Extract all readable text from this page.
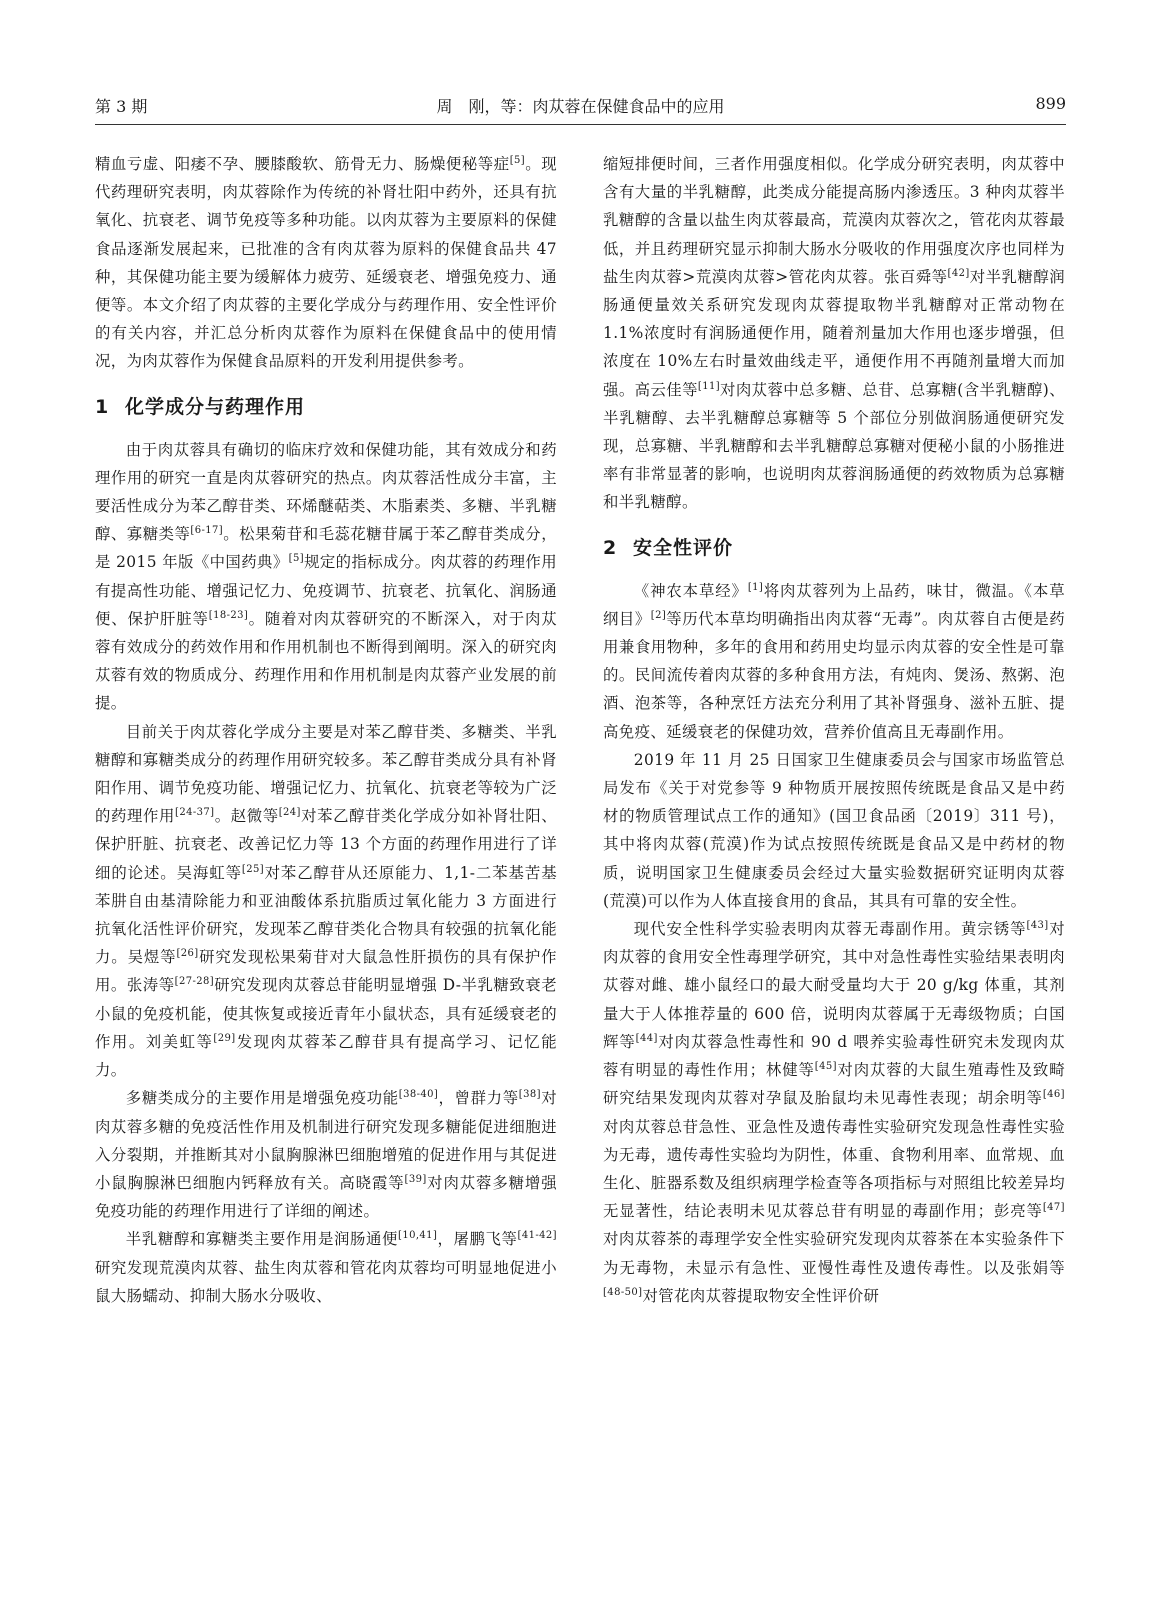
第 3 期	周　刚，等：肉苁蓉在保健食品中的应用	899

精血亏虚、阳痿不孕、腰膝酸软、筋骨无力、肠燥便秘等症[5]。现代药理研究表明，肉苁蓉除作为传统的补肾壮阳中药外，还具有抗氧化、抗衰老、调节免疫等多种功能。以肉苁蓉为主要原料的保健食品逐渐发展起来，已批准的含有肉苁蓉为原料的保健食品共 47 种，其保健功能主要为缓解体力疲劳、延缓衰老、增强免疫力、通便等。本文介绍了肉苁蓉的主要化学成分与药理作用、安全性评价的有关内容，并汇总分析肉苁蓉作为原料在保健食品中的使用情况，为肉苁蓉作为保健食品原料的开发利用提供参考。

1 化学成分与药理作用

由于肉苁蓉具有确切的临床疗效和保健功能，其有效成分和药理作用的研究一直是肉苁蓉研究的热点。肉苁蓉活性成分丰富，主要活性成分为苯乙醇苷类、环烯醚萜类、木脂素类、多糖、半乳糖醇、寡糖类等[6-17]。松果菊苷和毛蕊花糖苷属于苯乙醇苷类成分，是 2015 年版《中国药典》[5]规定的指标成分。肉苁蓉的药理作用有提高性功能、增强记忆力、免疫调节、抗衰老、抗氧化、润肠通便、保护肝脏等[18-23]。随着对肉苁蓉研究的不断深入，对于肉苁蓉有效成分的药效作用和作用机制也不断得到阐明。深入的研究肉苁蓉有效的物质成分、药理作用和作用机制是肉苁蓉产业发展的前提。

目前关于肉苁蓉化学成分主要是对苯乙醇苷类、多糖类、半乳糖醇和寡糖类成分的药理作用研究较多。苯乙醇苷类成分具有补肾阳作用、调节免疫功能、增强记忆力、抗氧化、抗衰老等较为广泛的药理作用[24-37]。赵微等[24]对苯乙醇苷类化学成分如补肾壮阳、保护肝脏、抗衰老、改善记忆力等 13 个方面的药理作用进行了详细的论述。吴海虹等[25]对苯乙醇苷从还原能力、1,1-二苯基苦基苯肼自由基清除能力和亚油酸体系抗脂质过氧化能力 3 方面进行抗氧化活性评价研究，发现苯乙醇苷类化合物具有较强的抗氧化能力。吴煜等[26]研究发现松果菊苷对大鼠急性肝损伤的具有保护作用。张涛等[27-28]研究发现肉苁蓉总苷能明显增强 D-半乳糖致衰老小鼠的免疫机能，使其恢复或接近青年小鼠状态，具有延缓衰老的作用。刘美虹等[29]发现肉苁蓉苯乙醇苷具有提高学习、记忆能力。

多糖类成分的主要作用是增强免疫功能[38-40]，曾群力等[38]对肉苁蓉多糖的免疫活性作用及机制进行研究发现多糖能促进细胞进入分裂期，并推断其对小鼠胸腺淋巴细胞增殖的促进作用与其促进小鼠胸腺淋巴细胞内钙释放有关。高晓霞等[39]对肉苁蓉多糖增强免疫功能的药理作用进行了详细的阐述。

半乳糖醇和寡糖类主要作用是润肠通便[10,41]，屠鹏飞等[41-42]研究发现荒漠肉苁蓉、盐生肉苁蓉和管花肉苁蓉均可明显地促进小鼠大肠蠕动、抑制大肠水分吸收、

缩短排便时间，三者作用强度相似。化学成分研究表明，肉苁蓉中含有大量的半乳糖醇，此类成分能提高肠内渗透压。3 种肉苁蓉半乳糖醇的含量以盐生肉苁蓉最高，荒漠肉苁蓉次之，管花肉苁蓉最低，并且药理研究显示抑制大肠水分吸收的作用强度次序也同样为盐生肉苁蓉>荒漠肉苁蓉>管花肉苁蓉。张百舜等[42]对半乳糖醇润肠通便量效关系研究发现肉苁蓉提取物半乳糖醇对正常动物在 1.1%浓度时有润肠通便作用，随着剂量加大作用也逐步增强，但浓度在 10%左右时量效曲线走平，通便作用不再随剂量增大而加强。高云佳等[11]对肉苁蓉中总多糖、总苷、总寡糖(含半乳糖醇)、半乳糖醇、去半乳糖醇总寡糖等 5 个部位分别做润肠通便研究发现，总寡糖、半乳糖醇和去半乳糖醇总寡糖对便秘小鼠的小肠推进率有非常显著的影响，也说明肉苁蓉润肠通便的药效物质为总寡糖和半乳糖醇。

2 安全性评价

《神农本草经》[1]将肉苁蓉列为上品药，味甘，微温。《本草纲目》[2]等历代本草均明确指出肉苁蓉“无毒”。肉苁蓉自古便是药用兼食用物种，多年的食用和药用史均显示肉苁蓉的安全性是可靠的。民间流传着肉苁蓉的多种食用方法，有炖肉、煲汤、熬粥、泡酒、泡茶等，各种烹饪方法充分利用了其补肾强身、滋补五脏、提高免疫、延缓衰老的保健功效，营养价值高且无毒副作用。

2019 年 11 月 25 日国家卫生健康委员会与国家市场监管总局发布《关于对党参等 9 种物质开展按照传统既是食品又是中药材的物质管理试点工作的通知》(国卫食品函〔2019〕311 号)，其中将肉苁蓉(荒漠)作为试点按照传统既是食品又是中药材的物质，说明国家卫生健康委员会经过大量实验数据研究证明肉苁蓉(荒漠)可以作为人体直接食用的食品，其具有可靠的安全性。

现代安全性科学实验表明肉苁蓉无毒副作用。黄宗锈等[43]对肉苁蓉的食用安全性毒理学研究，其中对急性毒性实验结果表明肉苁蓉对雌、雄小鼠经口的最大耐受量均大于 20 g/kg 体重，其剂量大于人体推荐量的 600 倍，说明肉苁蓉属于无毒级物质；白国辉等[44]对肉苁蓉急性毒性和 90 d 喂养实验毒性研究未发现肉苁蓉有明显的毒性作用；林健等[45]对肉苁蓉的大鼠生殖毒性及致畸研究结果发现肉苁蓉对孕鼠及胎鼠均未见毒性表现；胡余明等[46]对肉苁蓉总苷急性、亚急性及遗传毒性实验研究发现急性毒性实验为无毒，遗传毒性实验均为阴性，体重、食物利用率、血常规、血生化、脏器系数及组织病理学检查等各项指标与对照组比较差异均无显著性，结论表明未见苁蓉总苷有明显的毒副作用；彭亮等[47]对肉苁蓉茶的毒理学安全性实验研究发现肉苁蓉茶在本实验条件下为无毒物，未显示有急性、亚慢性毒性及遗传毒性。以及张娟等[48-50]对管花肉苁蓉提取物安全性评价研
